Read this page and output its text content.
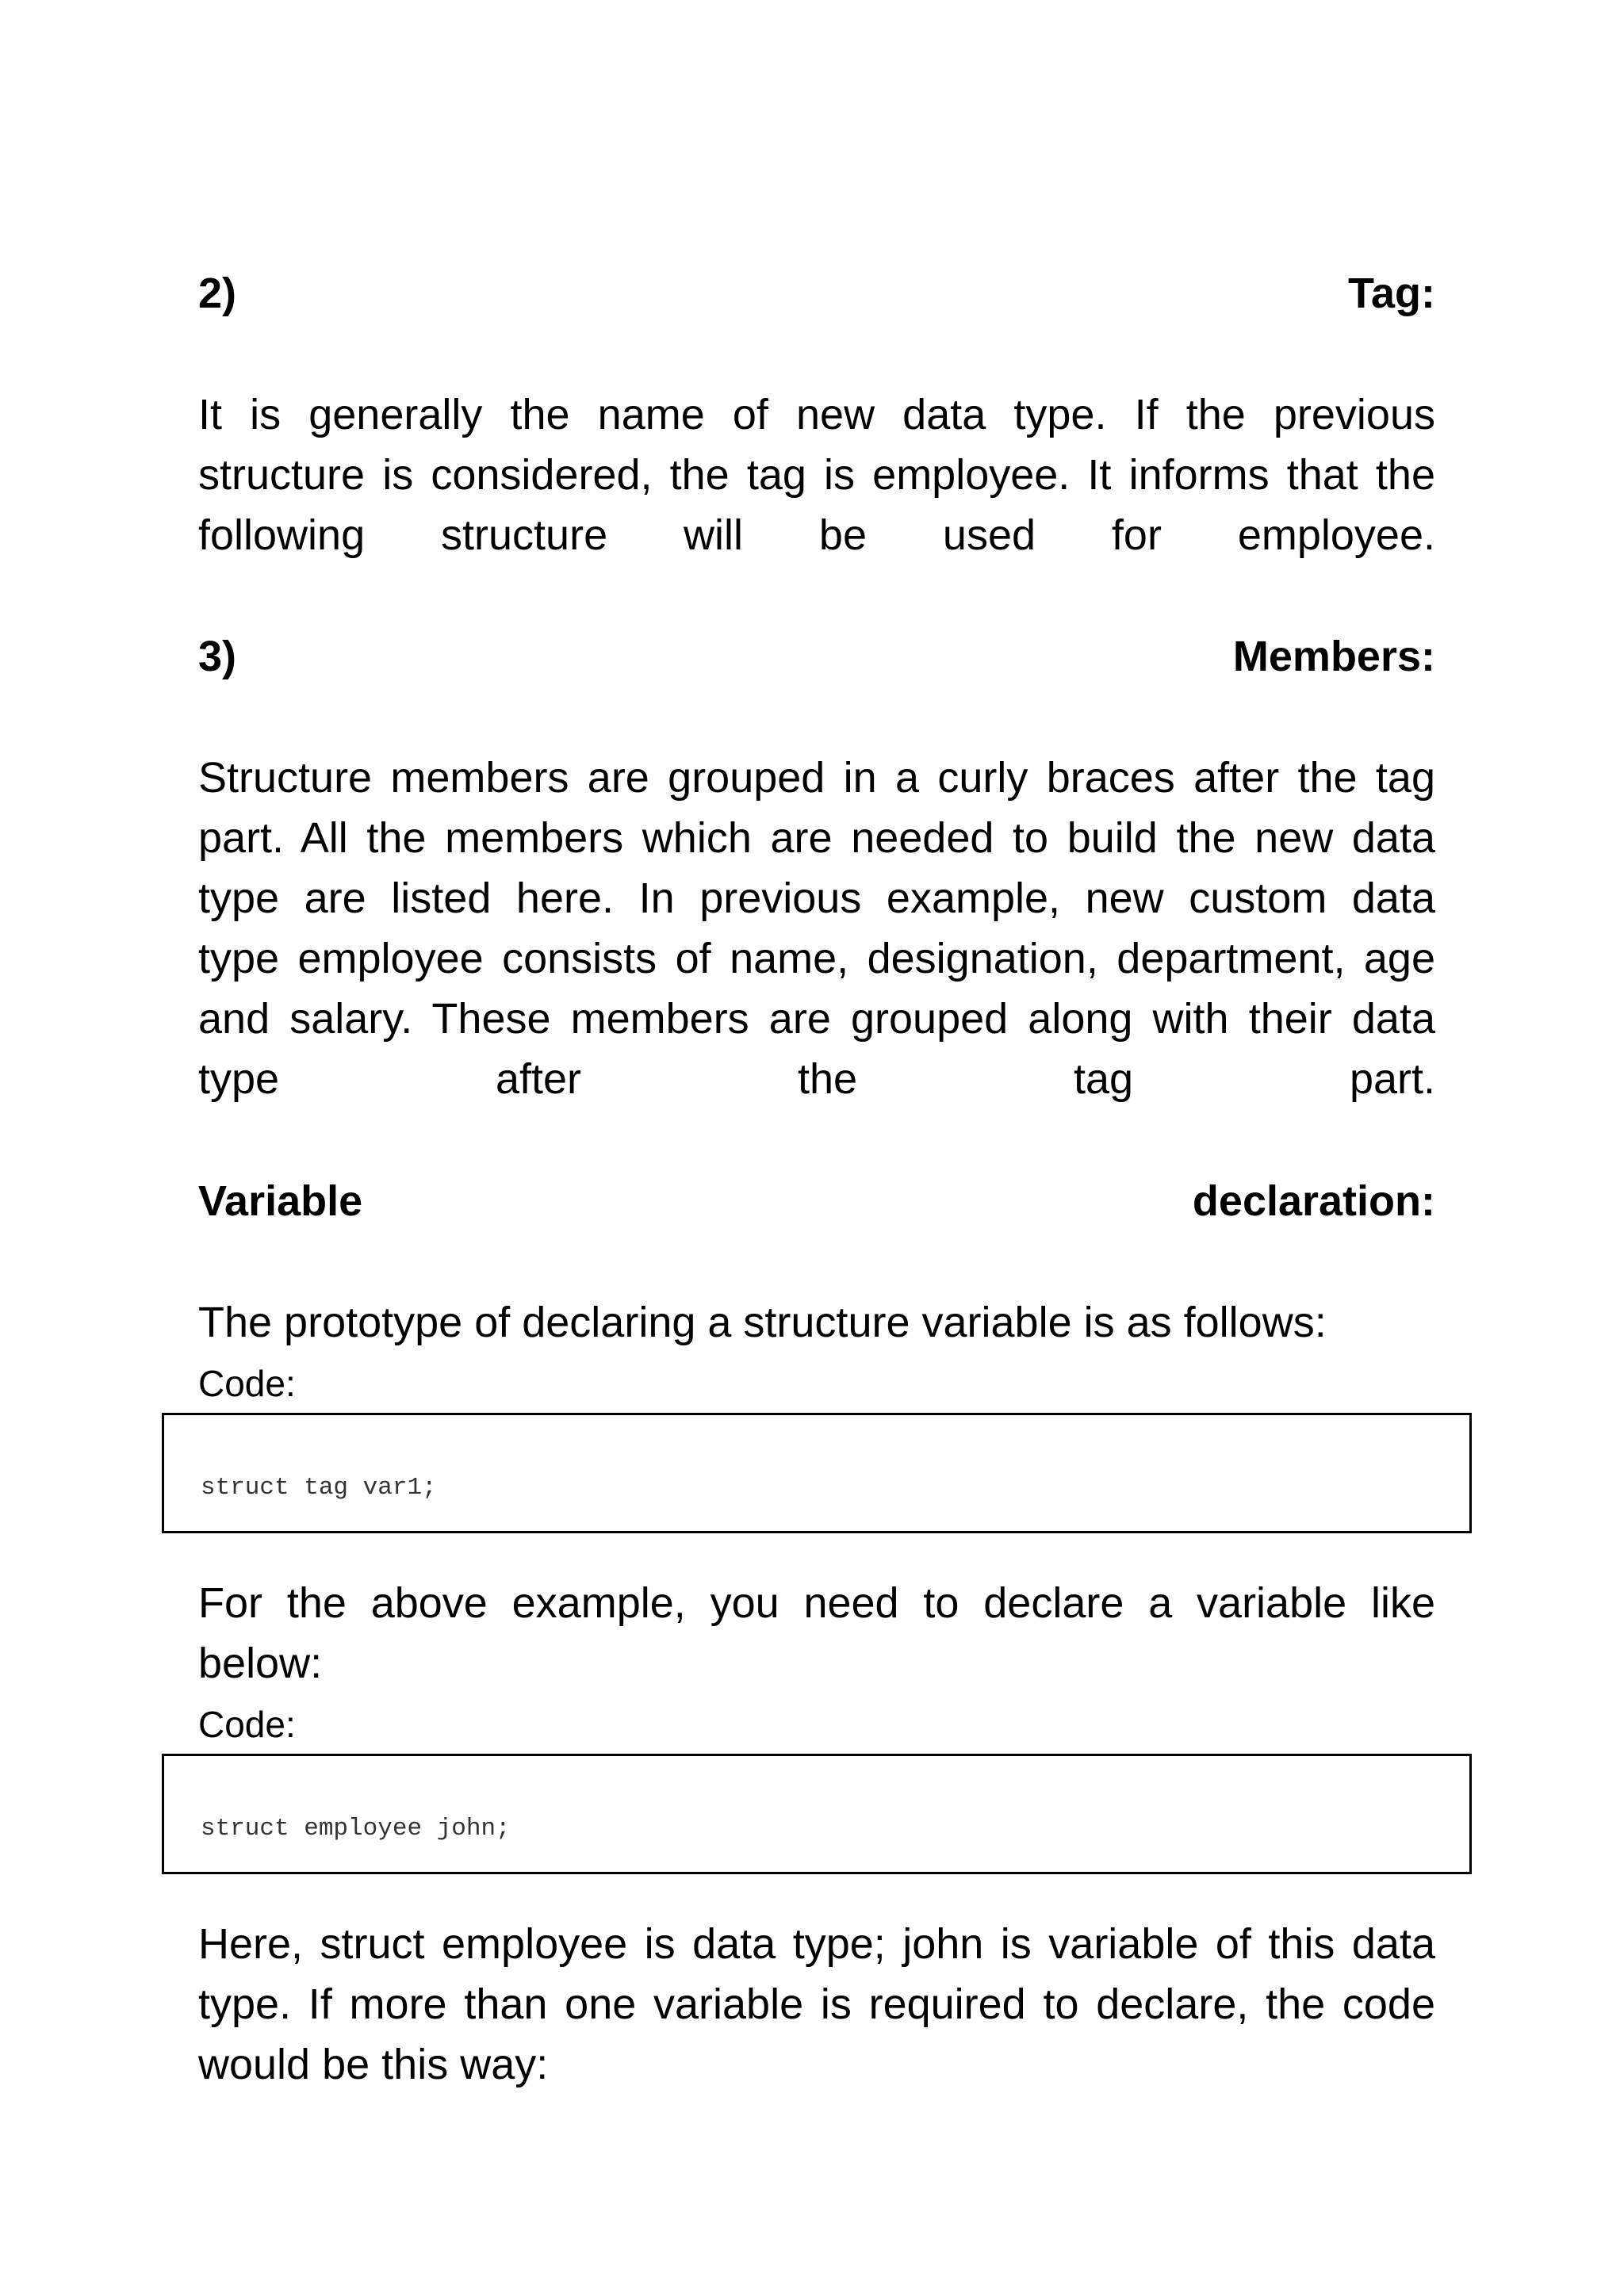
2)	Tag:
It is generally the name of new data type. If the previous
structure is considered, the tag is employee. It informs that the
following structure will be used for employee.
3)	Members:
Structure members are grouped in a curly braces after the tag
part. All the members which are needed to build the new data
type are listed here. In previous example, new custom data
type employee consists of name, designation, department, age
and salary. These members are grouped along with their data
type after the tag part.
Variable	declaration:
The prototype of declaring a structure variable is as follows:
Code:
struct tag var1;
For the above example, you need to declare a variable like
below:
Code:
struct employee john;
Here, struct employee is data type; john is variable of this data
type. If more than one variable is required to declare, the code
would be this way:
